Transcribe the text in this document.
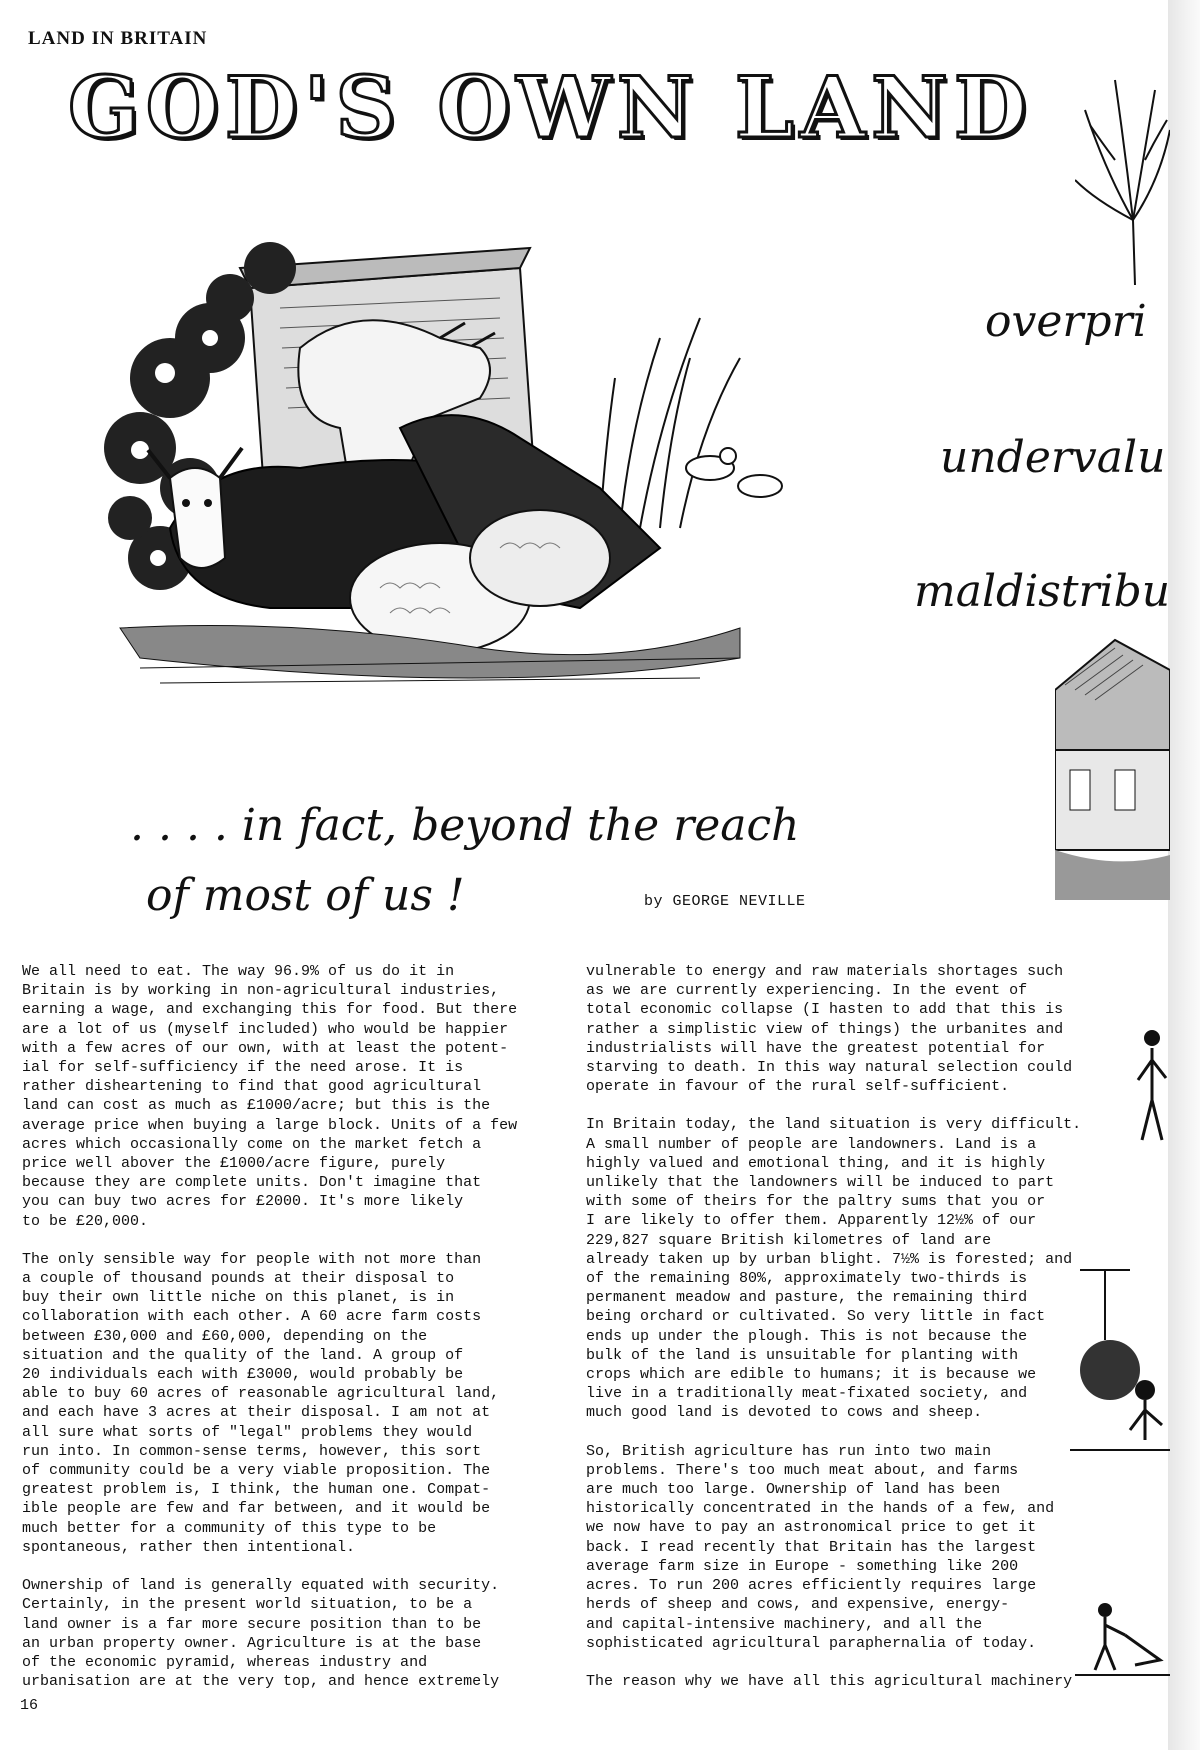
LAND IN BRITAIN
GOD'S OWN LAND
overpri
undervalu
maldistribu
. . . . in fact, beyond the reach
of most of us !	by GEORGE NEVILLE

We all need to eat. The way 96.9% of us do it in
Britain is by working in non-agricultural industries,
earning a wage, and exchanging this for food. But there
are a lot of us (myself included) who would be happier
with a few acres of our own, with at least the potent-
ial for self-sufficiency if the need arose. It is
rather disheartening to find that good agricultural
land can cost as much as £1000/acre; but this is the
average price when buying a large block. Units of a few
acres which occasionally come on the market fetch a
price well abover the £1000/acre figure, purely
because they are complete units. Don't imagine that
you can buy two acres for £2000. It's more likely
to be £20,000.

The only sensible way for people with not more than
a couple of thousand pounds at their disposal to
buy their own little niche on this planet, is in
collaboration with each other. A 60 acre farm costs
between £30,000 and £60,000, depending on the
situation and the quality of the land. A group of
20 individuals each with £3000, would probably be
able to buy 60 acres of reasonable agricultural land,
and each have 3 acres at their disposal. I am not at
all sure what sorts of "legal" problems they would
run into. In common-sense terms, however, this sort
of community could be a very viable proposition. The
greatest problem is, I think, the human one. Compat-
ible people are few and far between, and it would be
much better for a community of this type to be
spontaneous, rather then intentional.

Ownership of land is generally equated with security.
Certainly, in the present world situation, to be a
land owner is a far more secure position than to be
an urban property owner. Agriculture is at the base
of the economic pyramid, whereas industry and
urbanisation are at the very top, and hence extremely

vulnerable to energy and raw materials shortages such
as we are currently experiencing. In the event of
total economic collapse (I hasten to add that this is
rather a simplistic view of things) the urbanites and
industrialists will have the greatest potential for
starving to death. In this way natural selection could
operate in favour of the rural self-sufficient.

In Britain today, the land situation is very difficult.
A small number of people are landowners. Land is a
highly valued and emotional thing, and it is highly
unlikely that the landowners will be induced to part
with some of theirs for the paltry sums that you or
I are likely to offer them. Apparently 12½% of our
229,827 square British kilometres of land are
already taken up by urban blight. 7½% is forested; and
of the remaining 80%, approximately two-thirds is
permanent meadow and pasture, the remaining third
being orchard or cultivated. So very little in fact
ends up under the plough. This is not because the
bulk of the land is unsuitable for planting with
crops which are edible to humans; it is because we
live in a traditionally meat-fixated society, and
much good land is devoted to cows and sheep.

So, British agriculture has run into two main
problems. There's too much meat about, and farms
are much too large. Ownership of land has been
historically concentrated in the hands of a few, and
we now have to pay an astronomical price to get it
back. I read recently that Britain has the largest
average farm size in Europe - something like 200
acres. To run 200 acres efficiently requires large
herds of sheep and cows, and expensive, energy-
and capital-intensive machinery, and all the
sophisticated agricultural paraphernalia of today.

The reason why we have all this agricultural machinery

16
